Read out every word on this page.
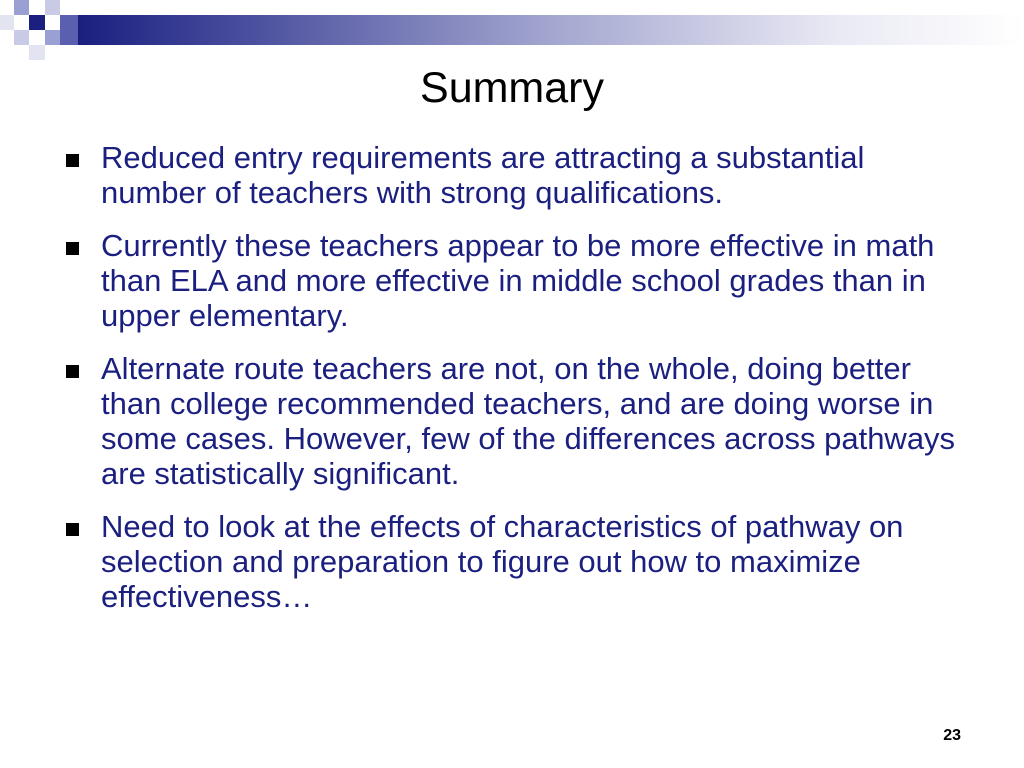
Summary
Reduced entry requirements are attracting a substantial number of teachers with strong qualifications.
Currently these teachers appear to be more effective in math than ELA and more effective in middle school grades than in upper elementary.
Alternate route teachers are not, on the whole, doing better than college recommended teachers, and are doing worse in some cases. However, few of the differences across pathways are statistically significant.
Need to look at the effects of characteristics of pathway on selection and preparation to figure out how to maximize effectiveness…
23
